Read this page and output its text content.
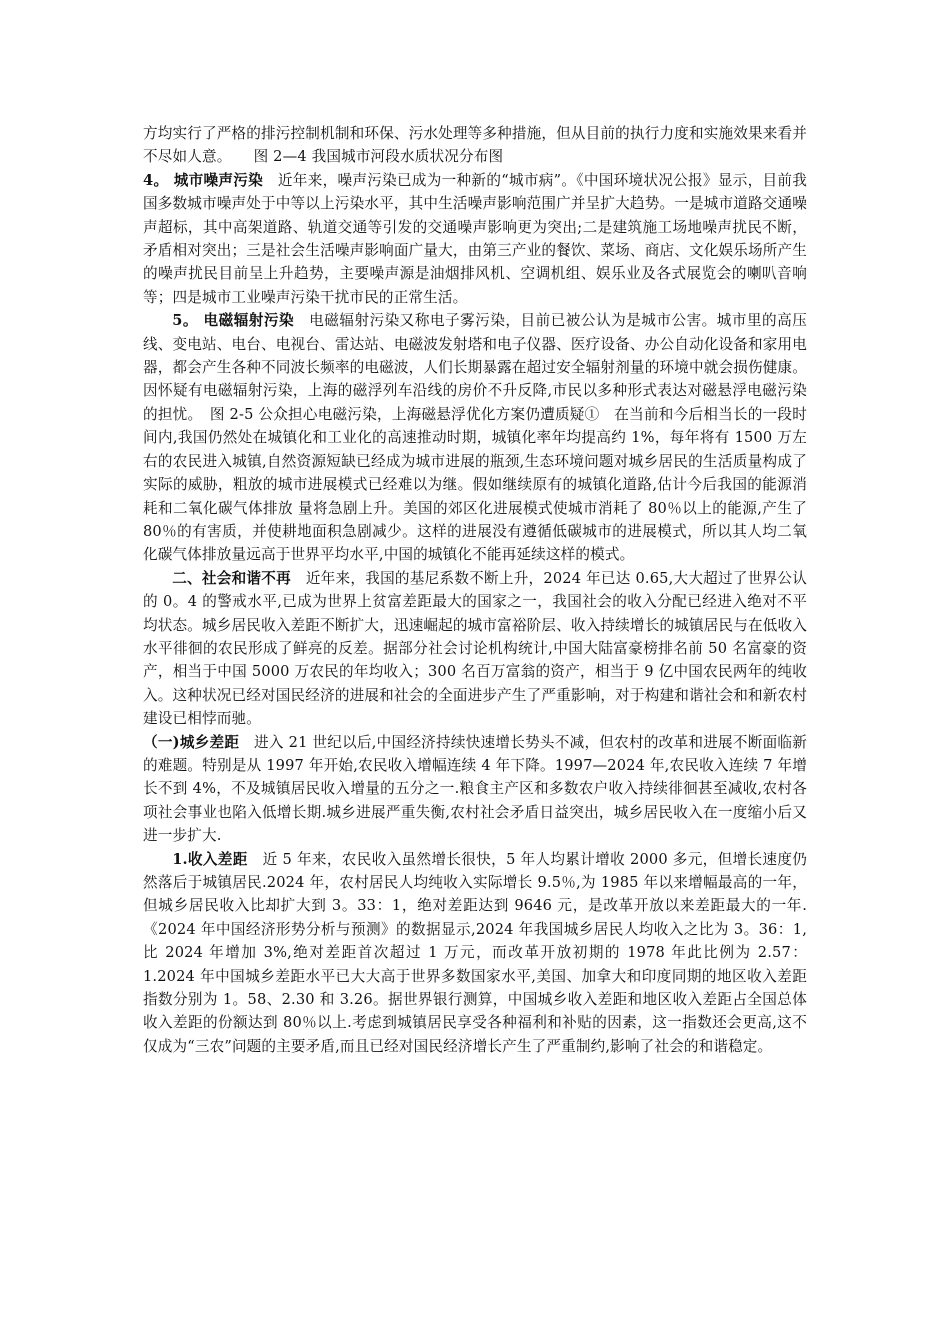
方均实行了严格的排污控制机制和环保、污水处理等多种措施，但从目前的执行力度和实施效果来看并不尽如人意。　　图 2—4 我国城市河段水质状况分布图

4。 城市噪声污染　近年来，噪声污染已成为一种新的“城市病”。《中国环境状况公报》显示，目前我国多数城市噪声处于中等以上污染水平，其中生活噪声影响范围广并呈扩大趋势。一是城市道路交通噪声超标，其中高架道路、轨道交通等引发的交通噪声影响更为突出;二是建筑施工场地噪声扰民不断，矛盾相对突出；三是社会生活噪声影响面广量大，由第三产业的餐饮、菜场、商店、文化娱乐场所产生的噪声扰民目前呈上升趋势，主要噪声源是油烟排风机、空调机组、娱乐业及各式展览会的喇叭音响等；四是城市工业噪声污染干扰市民的正常生活。

5。 电磁辐射污染　电磁辐射污染又称电子雾污染，目前已被公认为是城市公害。城市里的高压线、变电站、电台、电视台、雷达站、电磁波发射塔和电子仪器、医疗设备、办公自动化设备和家用电器，都会产生各种不同波长频率的电磁波，人们长期暴露在超过安全辐射剂量的环境中就会损伤健康。因怀疑有电磁辐射污染，上海的磁浮列车沿线的房价不升反降,市民以多种形式表达对磁悬浮电磁污染的担忧。　图 2-5 公众担心电磁污染，上海磁悬浮优化方案仍遭质疑①　在当前和今后相当长的一段时间内,我国仍然处在城镇化和工业化的高速推动时期，城镇化率年均提高约 1%，每年将有 1500 万左右的农民进入城镇,自然资源短缺已经成为城市进展的瓶颈,生态环境问题对城乡居民的生活质量构成了实际的威胁，粗放的城市进展模式已经难以为继。假如继续原有的城镇化道路,估计今后我国的能源消耗和二氧化碳气体排放 量将急剧上升。美国的郊区化进展模式使城市消耗了 80％以上的能源,产生了 80％的有害质，并使耕地面积急剧减少。这样的进展没有遵循低碳城市的进展模式，所以其人均二氧化碳气体排放量远高于世界平均水平,中国的城镇化不能再延续这样的模式。

二、社会和谐不再　近年来，我国的基尼系数不断上升，2024 年已达 0.65,大大超过了世界公认的 0。4 的警戒水平,已成为世界上贫富差距最大的国家之一，我国社会的收入分配已经进入绝对不平均状态。城乡居民收入差距不断扩大，迅速崛起的城市富裕阶层、收入持续增长的城镇居民与在低收入水平徘徊的农民形成了鲜亮的反差。据部分社会讨论机构统计,中国大陆富豪榜排名前 50 名富豪的资产，相当于中国 5000 万农民的年均收入；300 名百万富翁的资产，相当于 9 亿中国农民两年的纯收入。这种状况已经对国民经济的进展和社会的全面进步产生了严重影响，对于构建和谐社会和和新农村建设已相悖而驰。

（一)城乡差距　进入 21 世纪以后,中国经济持续快速增长势头不减，但农村的改革和进展不断面临新的难题。特别是从 1997 年开始,农民收入增幅连续 4 年下降。1997—2024 年,农民收入连续 7 年增长不到 4%，不及城镇居民收入增量的五分之一.粮食主产区和多数农户收入持续徘徊甚至减收,农村各项社会事业也陷入低增长期.城乡进展严重失衡,农村社会矛盾日益突出，城乡居民收入在一度缩小后又进一步扩大.

1.收入差距　近 5 年来，农民收入虽然增长很快，5 年人均累计增收 2000 多元，但增长速度仍然落后于城镇居民.2024 年，农村居民人均纯收入实际增长 9.5％,为 1985 年以来增幅最高的一年，但城乡居民收入比却扩大到 3。33：1，绝对差距达到 9646 元，是改革开放以来差距最大的一年.《2024 年中国经济形势分析与预测》的数据显示,2024 年我国城乡居民人均收入之比为 3。36：1,比 2024 年增加 3%,绝对差距首次超过 1 万元，而改革开放初期的 1978 年此比例为 2.57：1.2024 年中国城乡差距水平已大大高于世界多数国家水平,美国、加拿大和印度同期的地区收入差距指数分别为 1。58、2.30 和 3.26。据世界银行测算，中国城乡收入差距和地区收入差距占全国总体收入差距的份额达到 80％以上.考虑到城镇居民享受各种福利和补贴的因素，这一指数还会更高,这不仅成为“三农”问题的主要矛盾,而且已经对国民经济增长产生了严重制约,影响了社会的和谐稳定。
